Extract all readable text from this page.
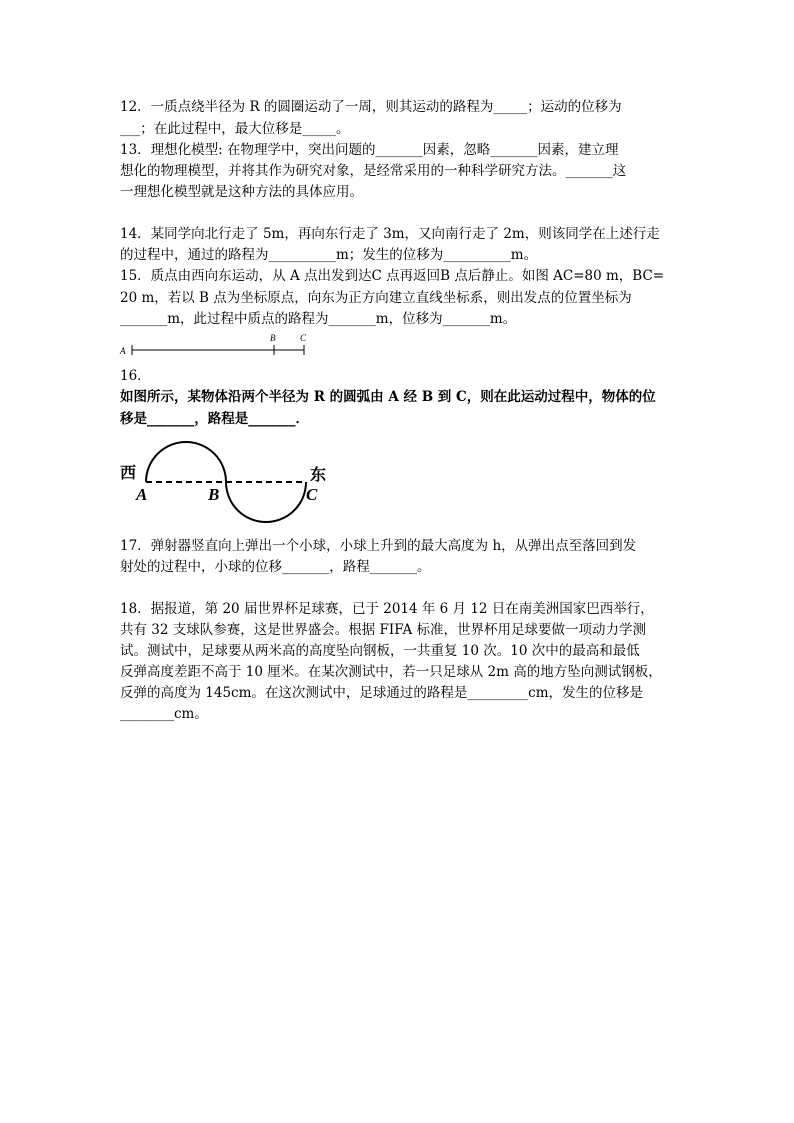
12．一质点绕半径为 R 的圆圈运动了一周，则其运动的路程为_____；运动的位移为
___；在此过程中，最大位移是_____。
13．理想化模型: 在物理学中，突出问题的_______因素，忽略_______因素，建立理
想化的物理模型，并将其作为研究对象，是经常采用的一种科学研究方法。_______这
一理想化模型就是这种方法的具体应用。
14．某同学向北行走了 5m，再向东行走了 3m，又向南行走了 2m，则该同学在上述行走
的过程中，通过的路程为__________m；发生的位移为__________m。
15．质点由西向东运动，从 A 点出发到达C 点再返回B 点后静止。如图 AC=80 m，BC=
20 m，若以 B 点为坐标原点，向东为正方向建立直线坐标系，则出发点的位置坐标为
_______m，此过程中质点的路程为_______m，位移为_______m。
A
B	C
16．
如图所示，某物体沿两个半径为 R 的圆弧由 A 经 B 到 C，则在此运动过程中，物体的位
移是_______，路程是_______．
西	东
A	B	C
17．弹射器竖直向上弹出一个小球，小球上升到的最大高度为 h，从弹出点至落回到发
射处的过程中，小球的位移_______，路程_______。
18．据报道，第 20 届世界杯足球赛，已于 2014 年 6 月 12 日在南美洲国家巴西举行，
共有 32 支球队参赛，这是世界盛会。根据 FIFA 标准，世界杯用足球要做一项动力学测
试。测试中，足球要从两米高的高度坠向钢板，一共重复 10 次。10 次中的最高和最低
反弹高度差距不高于 10 厘米。在某次测试中，若一只足球从 2m 高的地方坠向测试钢板，
反弹的高度为 145cm。在这次测试中，足球通过的路程是_________cm，发生的位移是
________cm。
